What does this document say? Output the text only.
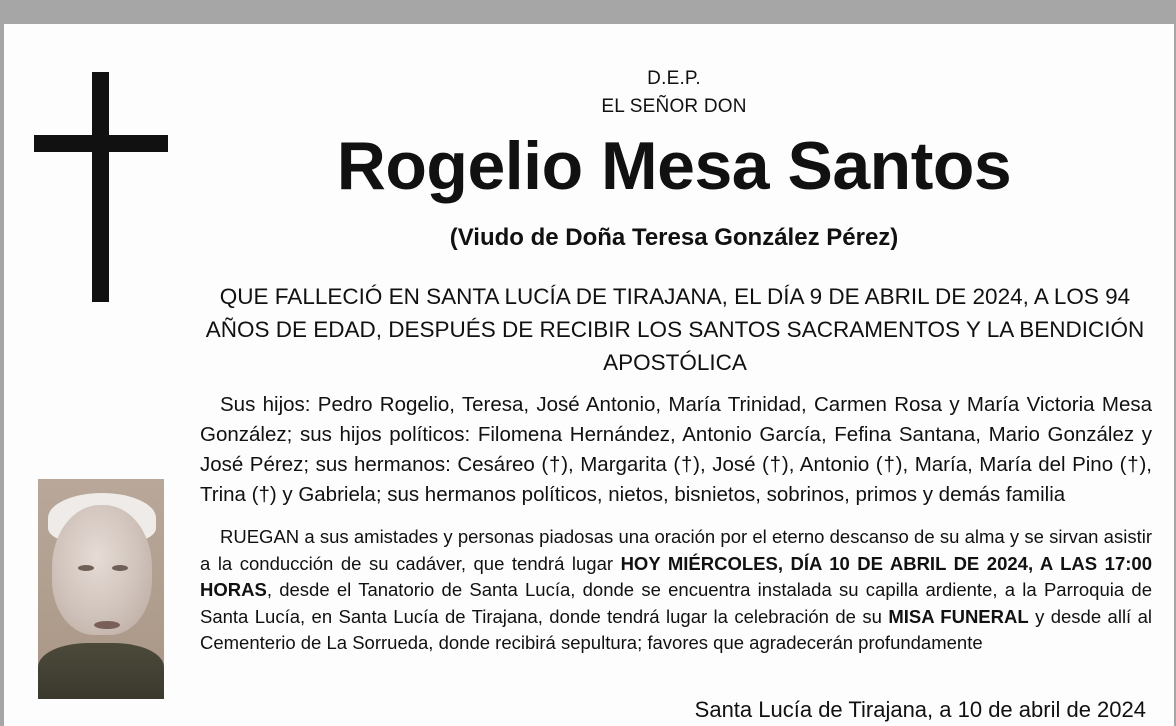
D.E.P.
EL SEÑOR DON
Rogelio Mesa Santos
(Viudo de Doña Teresa González Pérez)
QUE FALLECIÓ EN SANTA LUCÍA DE TIRAJANA, EL DÍA 9 DE ABRIL DE 2024, A LOS 94 AÑOS DE EDAD, DESPUÉS DE RECIBIR LOS SANTOS SACRAMENTOS Y LA BENDICIÓN APOSTÓLICA
Sus hijos: Pedro Rogelio, Teresa, José Antonio, María Trinidad, Carmen Rosa y María Victoria Mesa González; sus hijos políticos: Filomena Hernández, Antonio García, Fefina Santana, Mario González y José Pérez; sus hermanos: Cesáreo (†), Margarita (†), José (†), Antonio (†), María, María del Pino (†), Trina (†) y Gabriela; sus hermanos políticos, nietos, bisnietos, sobrinos, primos y demás familia
RUEGAN a sus amistades y personas piadosas una oración por el eterno descanso de su alma y se sirvan asistir a la conducción de su cadáver, que tendrá lugar HOY MIÉRCOLES, DÍA 10 DE ABRIL DE 2024, A LAS 17:00 HORAS, desde el Tanatorio de Santa Lucía, donde se encuentra instalada su capilla ardiente, a la Parroquia de Santa Lucía, en Santa Lucía de Tirajana, donde tendrá lugar la celebración de su MISA FUNERAL y desde allí al Cementerio de La Sorrueda, donde recibirá sepultura; favores que agradecerán profundamente
Santa Lucía de Tirajana, a 10 de abril de 2024
